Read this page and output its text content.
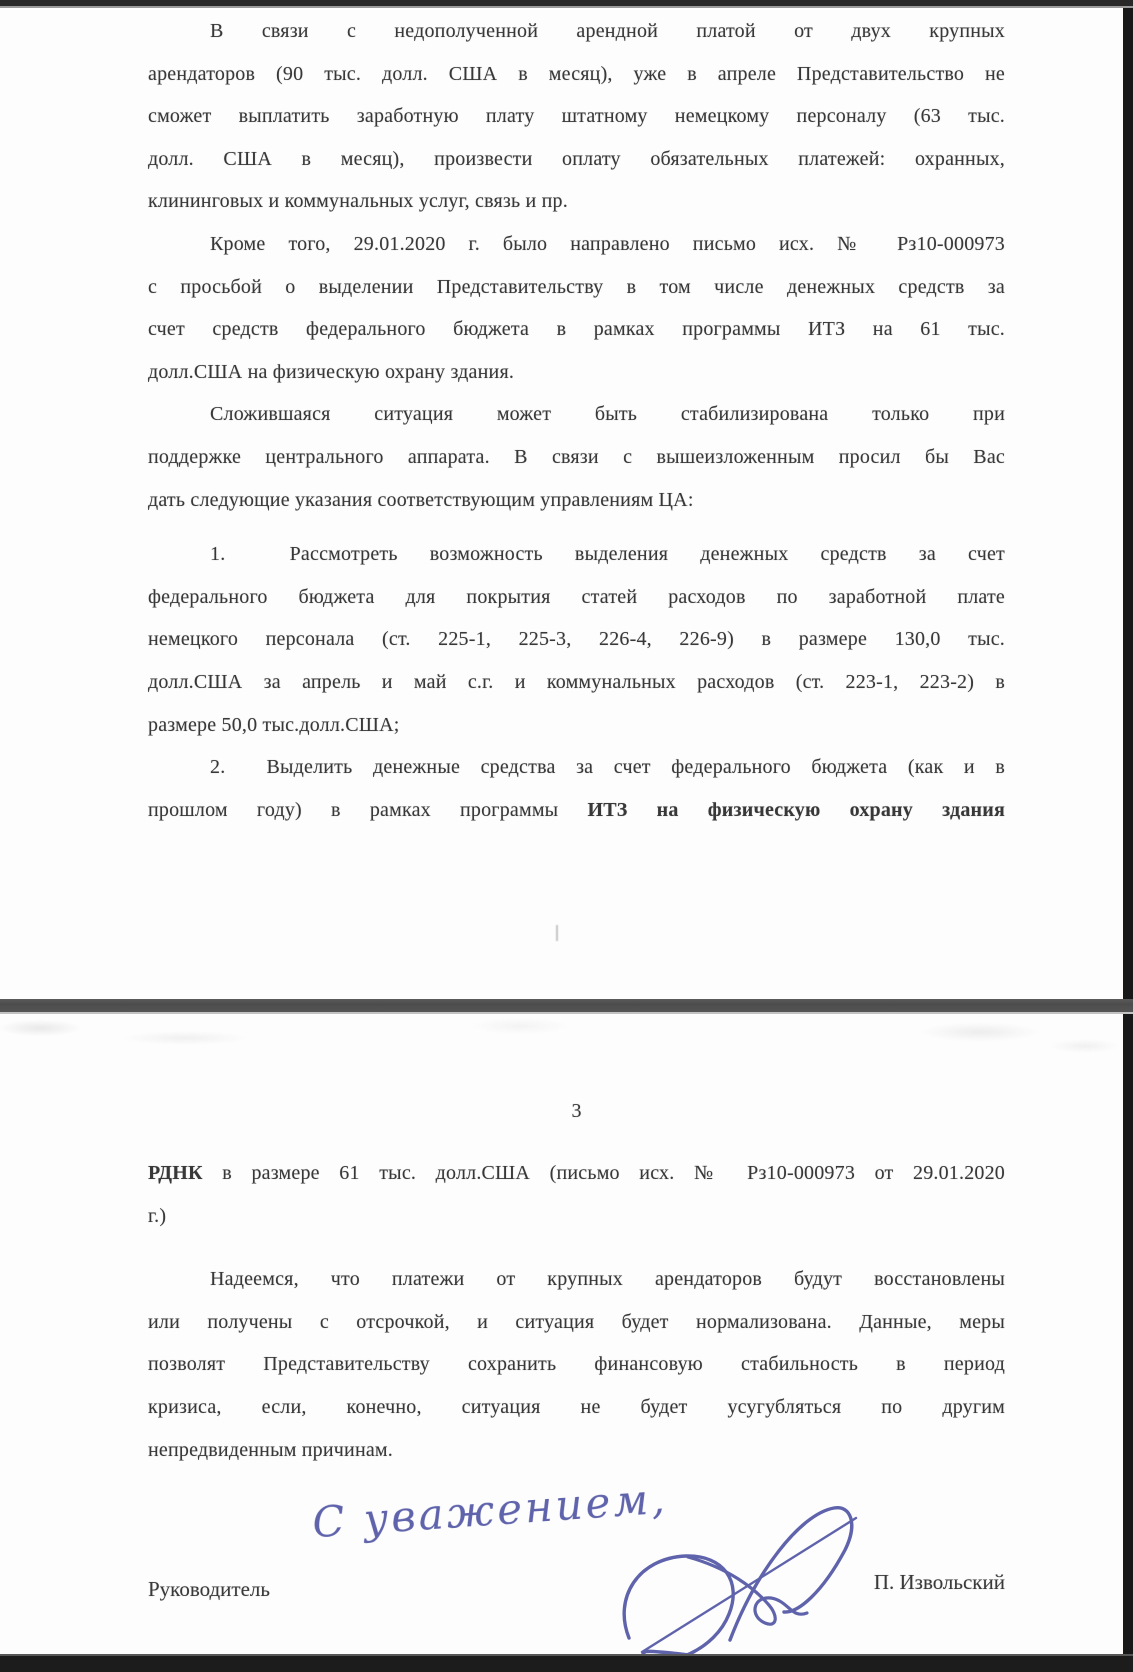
В связи с недополученной арендной платой от двух крупных
арендаторов (90 тыс. долл. США в месяц), уже в апреле Представительство не
сможет выплатить заработную плату штатному немецкому персоналу (63 тыс.
долл. США в месяц), произвести оплату обязательных платежей: охранных,
клининговых и коммунальных услуг, связь и пр.
Кроме того, 29.01.2020 г. было направлено письмо исх. № Рз10-000973
с просьбой о выделении Представительству в том числе денежных средств за
счет средств федерального бюджета в рамках программы ИТЗ на 61 тыс.
долл.США на физическую охрану здания.
Сложившаяся ситуация может быть стабилизирована только при
поддержке центрального аппарата. В связи с вышеизложенным просил бы Вас
дать следующие указания соответствующим управлениям ЦА:
1.  Рассмотреть возможность выделения денежных средств за счет
федерального бюджета для покрытия статей расходов по заработной плате
немецкого персонала (ст. 225-1, 225-3, 226-4, 226-9) в размере 130,0 тыс.
долл.США за апрель и май с.г. и коммунальных расходов (ст. 223-1, 223-2) в
размере 50,0 тыс.долл.США;
2.  Выделить денежные средства за счет федерального бюджета (как и в
прошлом году) в рамках программы ИТЗ на физическую охрану здания
3
РДНК в размере 61 тыс. долл.США (письмо исх. № Рз10-000973 от 29.01.2020
г.)
Надеемся, что платежи от крупных арендаторов будут восстановлены
или получены с отсрочкой, и ситуация будет нормализована. Данные, меры
позволят Представительству сохранить финансовую стабильность в период
кризиса, если, конечно, ситуация не будет усугубляться по другим
непредвиденным причинам.
С уважением,
Руководитель	П. Извольский
